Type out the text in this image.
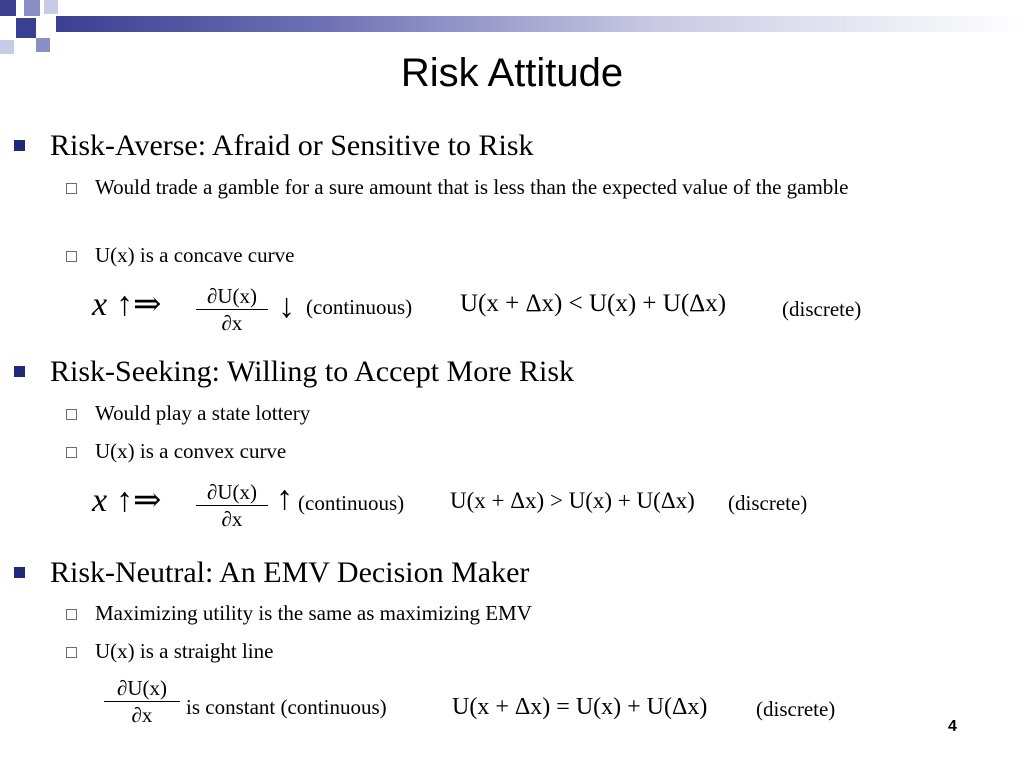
Risk Attitude
Risk-Averse: Afraid or Sensitive to Risk
Would trade a gamble for a sure amount that is less than the expected value of the gamble
U(x) is a concave curve
x ↑⇒	∂U(x)
∂x	↓ (continuous) U(x + Δx) < U(x) + U(Δx)	(discrete)
Risk-Seeking: Willing to Accept More Risk
Would play a state lottery
U(x) is a convex curve
x ↑⇒	∂U(x)
∂x
↑ (continuous) U(x + Δx) > U(x) + U(Δx) (discrete)
Risk-Neutral: An EMV Decision Maker
Maximizing utility is the same as maximizing EMV
U(x) is a straight line
∂U(x)
∂x	is constant (continuous)	U(x + Δx) = U(x) + U(Δx) (discrete)
4
